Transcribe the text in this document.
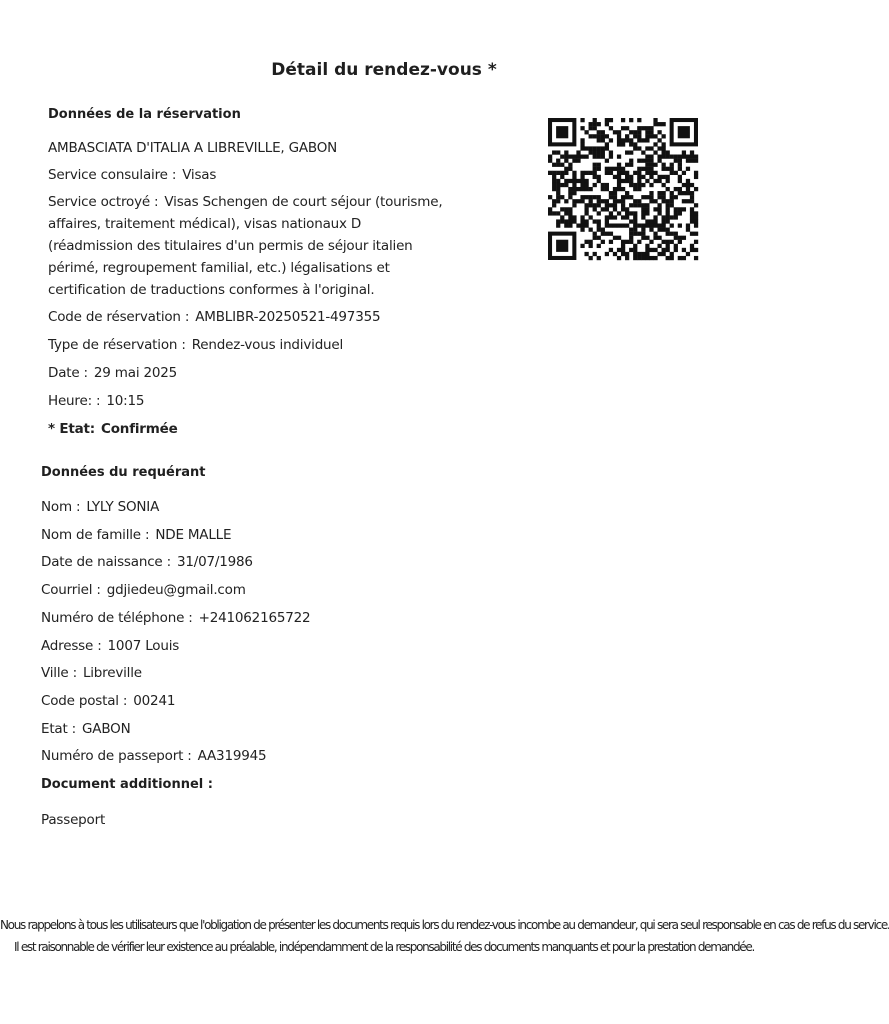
Détail du rendez-vous *
Données de la réservation
AMBASCIATA D'ITALIA A LIBREVILLE, GABON
Service consulaire : Visas
Service octroyé : Visas Schengen de court séjour (tourisme, affaires, traitement médical), visas nationaux D (réadmission des titulaires d'un permis de séjour italien périmé, regroupement familial, etc.) légalisations et certification de traductions conformes à l'original.
Code de réservation : AMBLIBR-20250521-497355
Type de réservation : Rendez-vous individuel
Date : 29 mai 2025
Heure: : 10:15
* Etat: Confirmée
Données du requérant
Nom : LYLY SONIA
Nom de famille : NDE MALLE
Date de naissance : 31/07/1986
Courriel : gdjiedeu@gmail.com
Numéro de téléphone : +241062165722
Adresse : 1007 Louis
Ville : Libreville
Code postal : 00241
Etat : GABON
Numéro de passeport : AA319945
Document additionnel :
Passeport
Nous rappelons à tous les utilisateurs que l'obligation de présenter les documents requis lors du rendez-vous incombe au demandeur, qui sera seul responsable en cas de refus du service.
Il est raisonnable de vérifier leur existence au préalable, indépendamment de la responsabilité des documents manquants et pour la prestation demandée.
